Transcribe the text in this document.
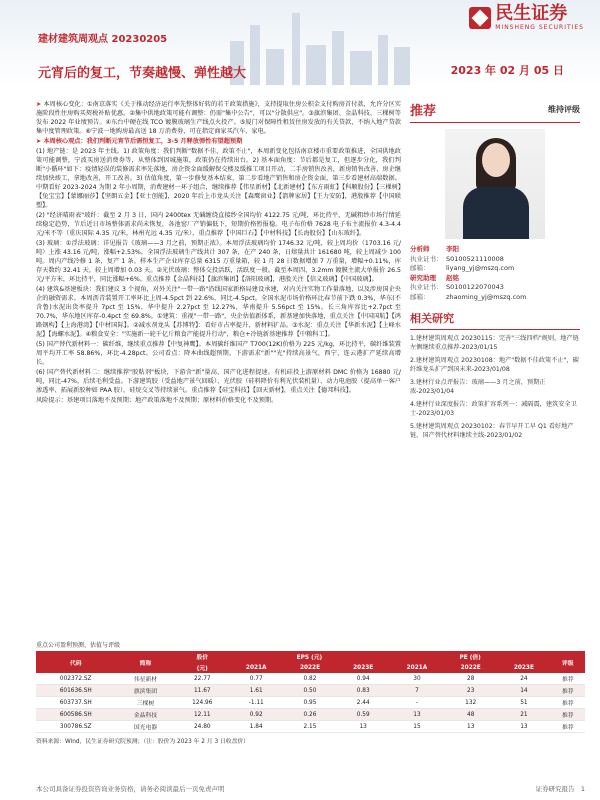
建材建筑周观点 20230205
民生证券
MINSHENG SECURITIES
元宵后的复工，节奏越慢、弹性越大	2023 年 02 月 05 日

➤ 本周核心变化：①南京落实《关于推动经济运行率先整体好转的若干政策措施》，支持提取住房公积金支付购房首付款，允许分区实施阶段性住房购买契税补贴优惠。②集中供地政策可能有调整：仍需"集中公告"，可以"分散供应"。③旗滨集团、金晶科技、三棵树等发布 2022 年业绩预告。④东台中硬在线 TCO 镀膜玻璃生产线点火投产。⑤厦门对保障性租赁住房发放的有关贷款，不纳入地产贷款集中度管理政策。⑥宁波一地购房最高送 18 万消费券，可在指定商家买汽车、家电。

➤ 本周核心观点：我们判断元宵节后需恒复工，3-5 月释放弹性有望超预期

(1) 地产链：是 2023 年主线。1) 政策角度：我们判断"数据不佳，政策不止"，本周新变化包括南京楼市重要政策推进，全国供地政策可能调整，宁波买房送消费券等，从整体到因城施策，政策仍在持续出台。2) 基本面角度：节后都是复工，但逐步分化，我们判断"小循环"如下：疫情轻误的装修需求率先落地，房企资金面缓解保交楼及缓推工项目开动，二手房销售改善，新房销售改善，房企继续加快竣工，拿地改善，开工改善。3) 估值角度，第一步修复基本结束，第二步看地产销售和房企资金面，第三步看建材高端数据。中期看好 2023-2024 为期 2 年小周期，消费建材一环子组合，继续推荐【伟星新材】【北新建材】【东方雨虹】【科顺股份】【三棵树】【兔宝宝】【蒙娜丽莎】【坚朗五金】【亚士创能】，2020 年后上市龙头关注【森鹰窗业】【箭牌家居】【王力安防】，港股推荐【中国联塑】。

(2) "经济晴雨表"玻纤：截至 2 月 3 日，国内 2400tex 无碱缠绕直接纱全国均价 4122.75 元/吨，环比持平，无碱粗纱市场行情延续稳定趋势，节后近日市场整体需求尚未恢复，各池窑厂产销偏低下，短期价格暂报稳。电子布价格 7628 电子布主流报价 4.3-4.4 元/米不等（重庆国际 4.35 元/米，林州光远 4.35 元/米），重点推荐【中国巨石】【中材科技】【长海股份】【山东玻纤】。

(3) 玻璃：①浮法玻璃：详见报告《玻璃——3 月之前，预期正浓》。本周浮法玻璃均价 1746.32 元/吨，较上周均价（1703.16 元/吨）上涨 43.16 元/吨，涨幅+2.53%。全国浮法玻璃生产线共计 307 条，在产 240 条，日熔量共计 161680 吨，较上周减少 100 吨。周内产线冷修 1 条，复产 1 条。样本生产企业库存总量 6315 万重量箱，较 1 月 28 日数据增加 7 万重量，增幅+0.11%，库存天数约 32.41 天，较上周增加 0.03 天。②光伏玻璃：整体交投活跃，活跃度一般。截至本周四，3.2mm 镀膜主流大单报价 26.5 元/平方米，环比持平，同比涨幅+6%。重点推荐【金晶科技】【旗滨集团】【洛阳玻璃】，港股关注【信义玻璃】【中国玻璃】。

(4) 建筑&基建板块：我们建议 3 个视角，对外关注"一带一路"沿线国家新格局建设承建，对内关注实物工作量落地，以及涉房国企央企的融资需求。本周沥青装置开工率环比上周-4.5pct 到 22.6%，同比-4.5pct。全国水泥市场价格环比春节前下跌 0.3%，华东(不含鲁)水泥出货率提升 7pct 至 15%，华中提升 2.27pct 至 12.27%，华南提升 5.56pct 至 15%。长三角库容比+2.7pct 至 70.7%，华东地区库存-0.4pct 至 69.8%。①建筑：重视"一带一路"，央企估值新体系，新基建加快落地，重点关注【中国国航】【鸿路钢构】【上海港湾】【中材国际】。②减水剂龙头【苏博特】：看好市占率提升，新材料扩品。③水泥：重点关注【华新水泥】【上峰水泥】【海螺水泥】。④粮食安全："实施新一轮千亿斤粮食产能提升行动"，粮仓+冷链新基建推荐【中粮科工】。

(5) 国产替代新材料一：碳纤维，继续重点推荐【中复神鹰】。本周碳纤维国产 T700(12K)价格为 225 元/kg，环比持平，碳纤维装置周平均开工率 58.86%，环比-4.28pct。公司看点：降本曲线超预期，下游需求"新""光"持续高景气，西宁、连云港扩产延续高增长。

(6) 国产替代新材料二：继续推荐"胶粘剂"板块，下游含"新"量高，国产化进程提速。有机硅投上游原材料 DMC 价格为 16880 元/吨，同比-47%，后续毛利受益。下游建筑胶（受益地产景气回暖）、光伏胶（硅料降价有利光伏装机量）、动力电池胶（提高单一客户渗透率、拓展新胶种如 PAA 胶），硅烷交叉等持续景气。重点推荐【硅宝科技】【回天新材】，重点关注【德邦科技】。

风险提示：基建项目落地不及预期；地产政策落地不及预期；原材料价格变化不及预期。

推荐	维持评级
分析师	李阳
执业证书： S0100521110008
邮箱：	liyang_yj@mszq.com
研究助理	赵铭
执业证书： S0100122070043
邮箱：	zhaoming_yj@mszq.com
相关研究
1.建材建筑周观点 20230115：完善"三线四档"规则，地产链左侧继续重点推荐-2023/01/15
2.建材建筑周观点 20230108：地产"数据不佳政策不止"，碳纤维龙头扩产到国未来-2023/01/08
3.建材行业点评报告：玻璃——3 月之前，预期正浓-2023/01/04
4.建材行业深度报告：政策扩容系列一：减隔震，建筑安全卫士-2023/01/03
5.建材建筑周观点 20230102：春节早开工早 Q1 看好地产链，国产替代材料继续主线-2023/01/02
重点公司盈利预测、估值与评级
代码	简称	股价	EPS (元)			PE (倍)			评级
		(元)	2021A	2022E	2023E	2021A	2022E	2023E	
002372.SZ	伟星新材	22.77	0.77	0.82	0.94	30	28	24	推荐
601636.SH	旗滨集团	11.67	1.61	0.50	0.83	7	23	14	推荐
603737.SH	三棵树	124.96	-1.11	0.95	2.44	-	132	51	推荐
600586.SH	金晶科技	12.11	0.92	0.26	0.59	13	48	21	推荐
300786.SZ	国光电器	24.80	1.84	2.15	13	15	13	13	推荐
资料来源：Wind，民生证券研究院预测；（注：股价为 2023 年 2 月 3 日收盘价）
本公司具备证券投资咨询业务资格，请务必阅读最后一页免责声明	证券研究报告 1
